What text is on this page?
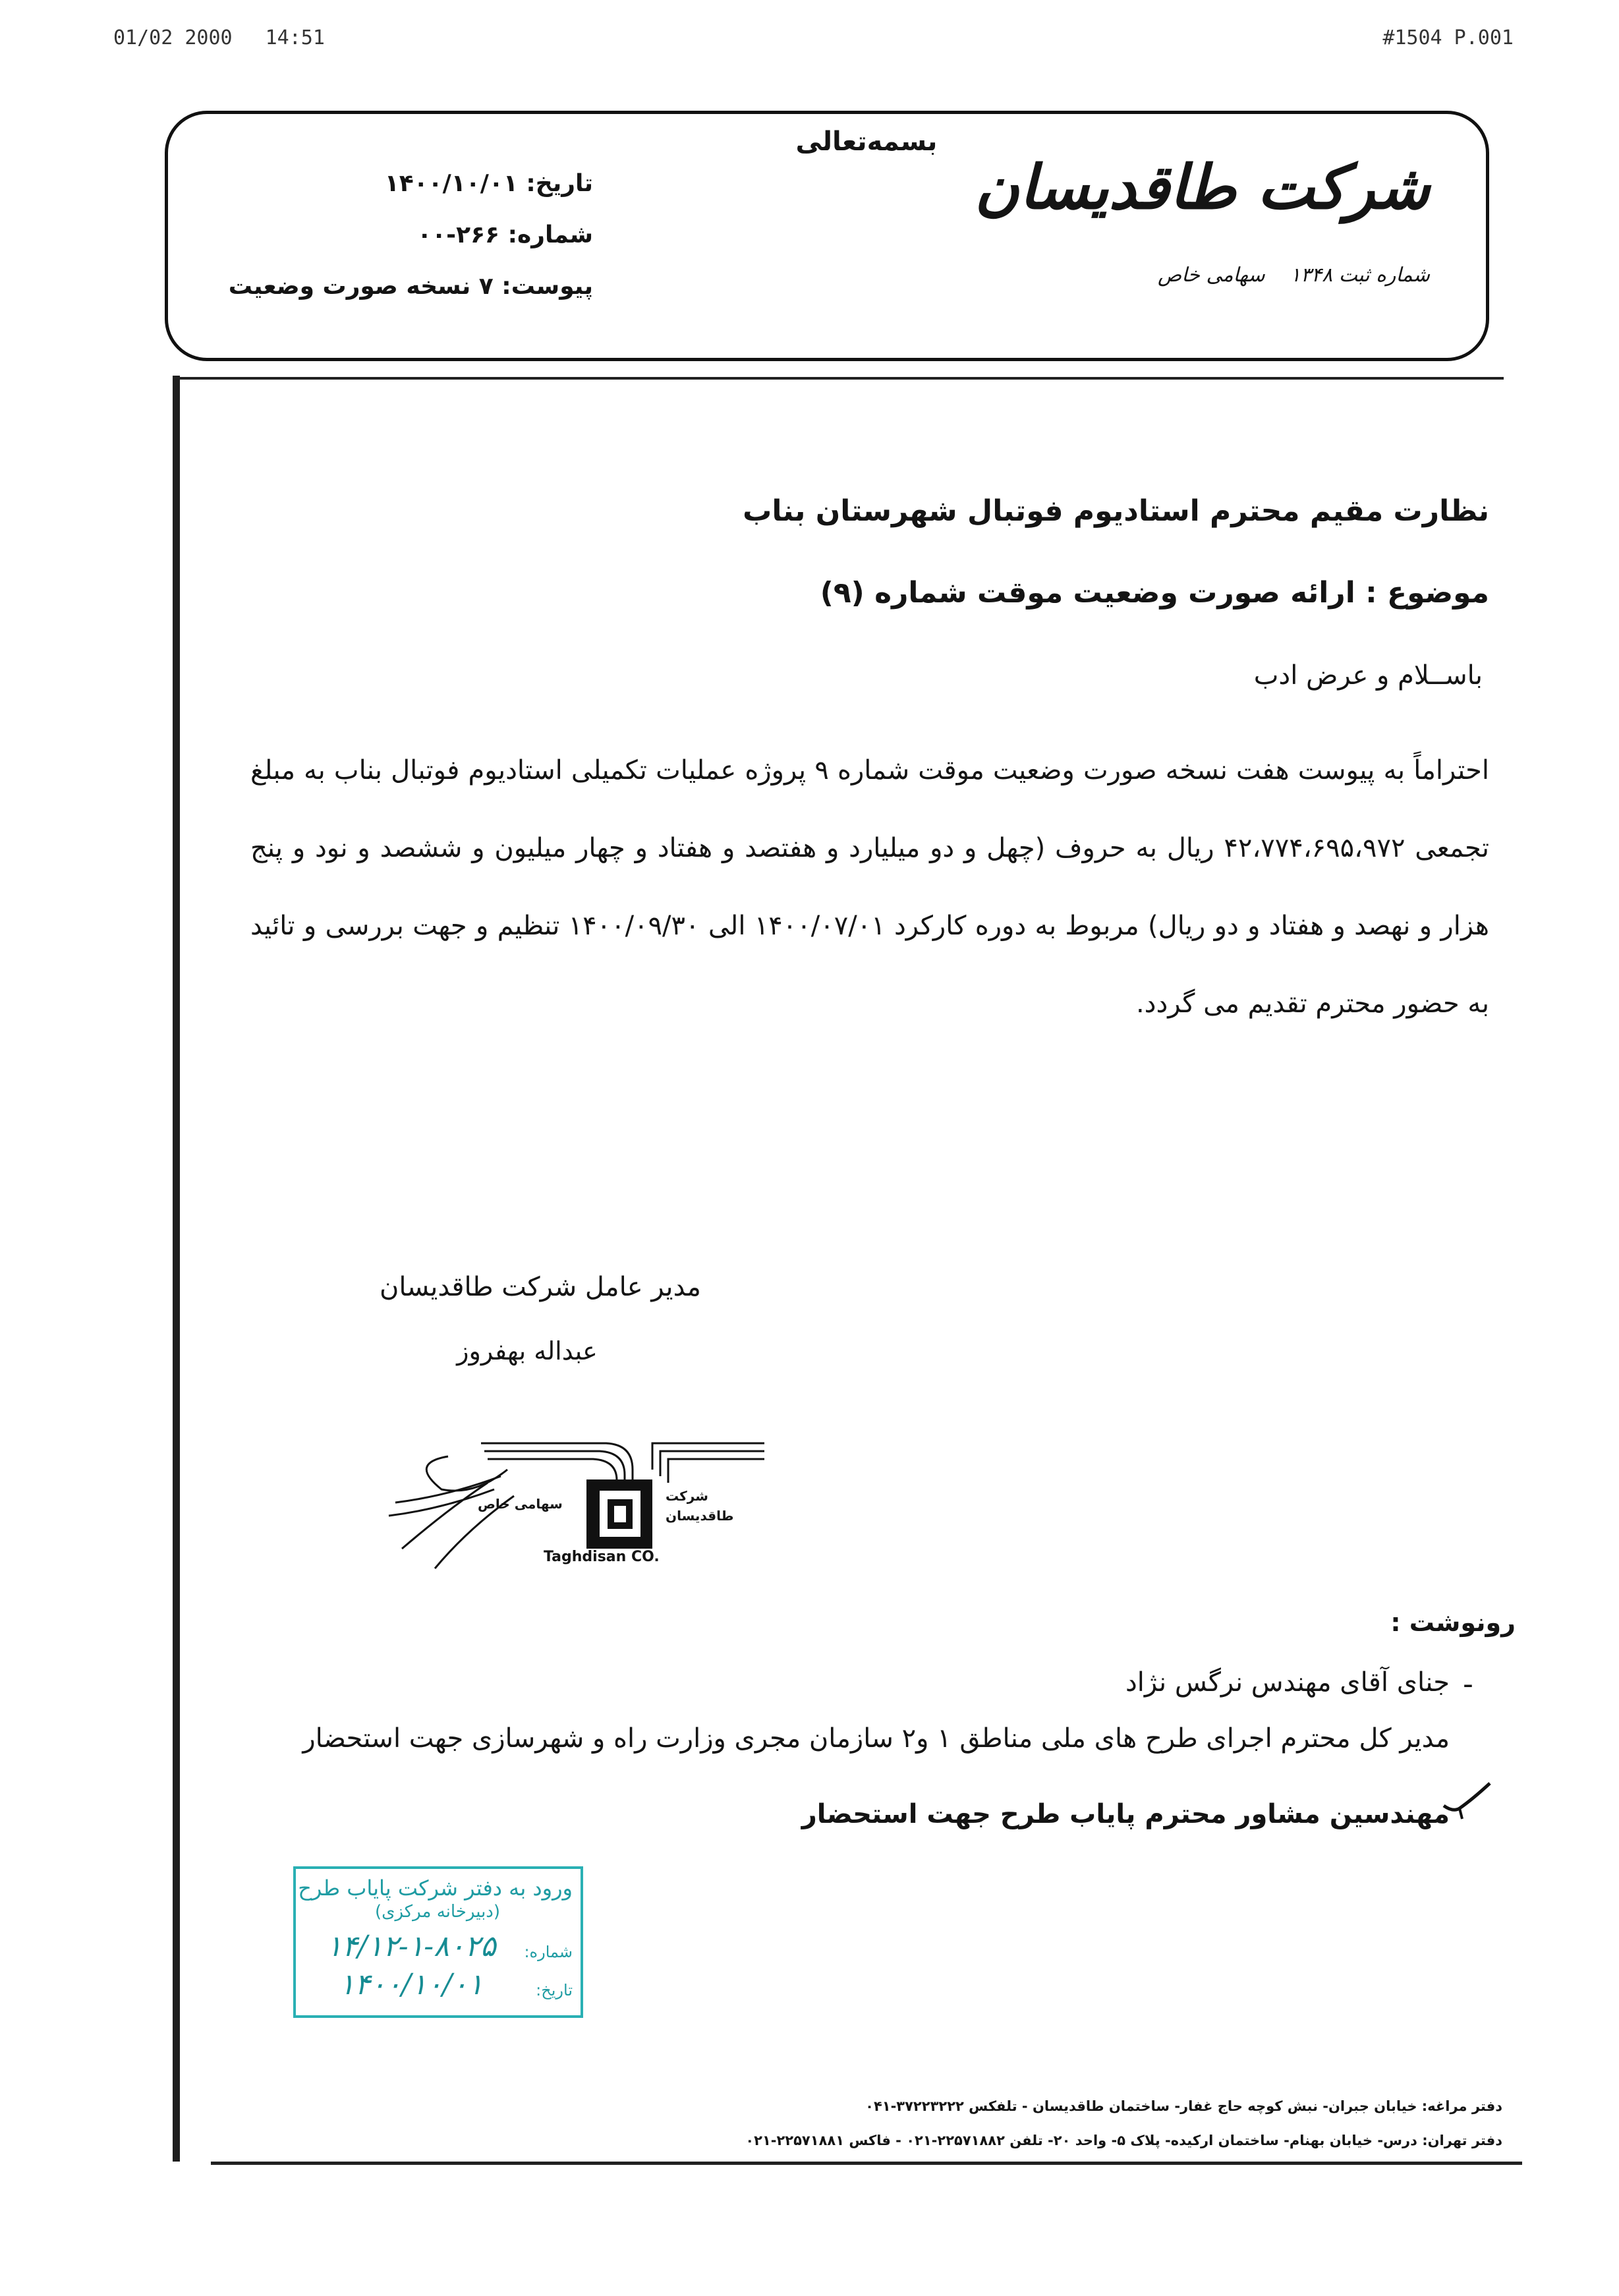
01/02 2000 14:51	#1504 P.001
بسمه‌تعالی
تاریخ: ۱۴۰۰/۱۰/۰۱
شماره: ۲۶۶-۰۰
پیوست: ۷ نسخه صورت وضعیت
شرکت طاقدیسان
شماره ثبت ۱۳۴۸    سهامی خاص
نظارت مقیم محترم استادیوم فوتبال شهرستان بناب
موضوع : ارائه صورت وضعیت موقت شماره (۹)
باســلام و عرض ادب
احتراماً به پیوست هفت نسخه صورت وضعیت موقت شماره ۹ پروژه عملیات تکمیلی استادیوم فوتبال بناب به مبلغ تجمعی ۴۲،۷۷۴،۶۹۵،۹۷۲ ریال به حروف (چهل و دو میلیارد و هفتصد و هفتاد و چهار میلیون و ششصد و نود و پنج هزار و نهصد و هفتاد و دو ریال) مربوط به دوره کارکرد ۱۴۰۰/۰۷/۰۱ الی ۱۴۰۰/۰۹/۳۰ تنظیم و جهت بررسی و تائید به حضور محترم تقدیم می گردد.
مدیر عامل شرکت طاقدیسان
عبداله بهفروز
سهامی خاص	شرکت طاقدیسان
Taghdisan CO.
رونوشت :
-
جنای آقای مهندس نرگس نژاد
مدیر کل محترم اجرای طرح های ملی مناطق ۱ و۲ سازمان مجری وزارت راه و شهرسازی جهت استحضار
مهندسین مشاور محترم پایاب طرح جهت استحضار
ورود به دفتر شرکت پایاب طرح
(دبیرخانه مرکزی)
شماره:
۱۴/۱۲-۱-۸۰۲۵
تاریخ:
۱۴۰۰/۱۰/۰۱
دفتر مراغه: خیابان جبران- نبش کوچه حاج غفار- ساختمان طاقدیسان - تلفکس ۳۷۲۲۳۲۲۲-۰۴۱
دفتر تهران: درس- خیابان بهنام- ساختمان ارکیده- پلاک ۵- واحد ۲۰- تلفن ۲۲۵۷۱۸۸۲-۰۲۱ - فاکس ۲۲۵۷۱۸۸۱-۰۲۱
